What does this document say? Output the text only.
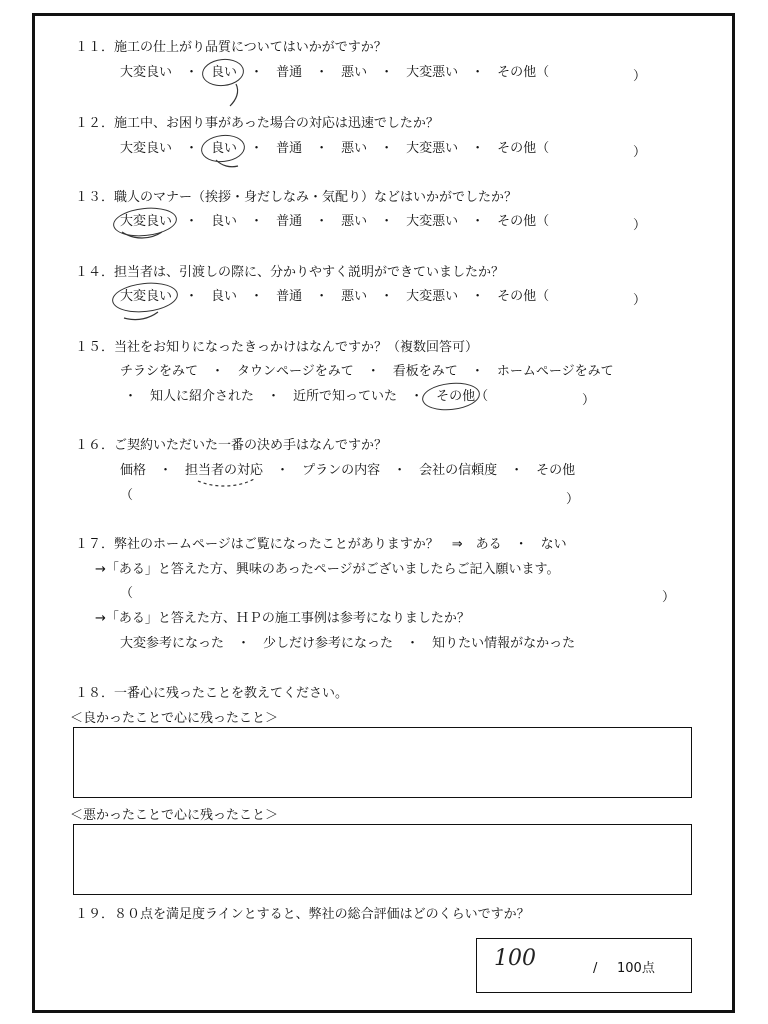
１１．施工の仕上がり品質についてはいかがですか？
大変良い ・ 良い ・ 普通 ・ 悪い ・ 大変悪い ・ その他（	）
１２．施工中、お困り事があった場合の対応は迅速でしたか？
大変良い ・ 良い ・ 普通 ・ 悪い ・ 大変悪い ・ その他（	）
１３．職人のマナー（挨拶・身だしなみ・気配り）などはいかがでしたか？
大変良い ・ 良い ・ 普通 ・ 悪い ・ 大変悪い ・ その他（	）
１４．担当者は、引渡しの際に、分かりやすく説明ができていましたか？
大変良い ・ 良い ・ 普通 ・ 悪い ・ 大変悪い ・ その他（	）
１５．当社をお知りになったきっかけはなんですか？（複数回答可）
チラシをみて ・ タウンページをみて ・ 看板をみて ・ ホームページをみて
・ 知人に紹介された ・ 近所で知っていた ・ その他（	）
１６．ご契約いただいた一番の決め手はなんですか？
価格 ・ 担当者の対応 ・ プランの内容 ・ 会社の信頼度 ・ その他
（	）
１７．弊社のホームページはご覧になったことがありますか？　⇒　ある　・　ない
→「ある」と答えた方、興味のあったページがございましたらご記入願います。
（	）
→「ある」と答えた方、ＨＰの施工事例は参考になりましたか？
大変参考になった ・ 少しだけ参考になった ・ 知りたい情報がなかった
１８．一番心に残ったことを教えてください。
＜良かったことで心に残ったこと＞
＜悪かったことで心に残ったこと＞
１９．８０点を満足度ラインとすると、弊社の総合評価はどのくらいですか？
100	/ 100点
